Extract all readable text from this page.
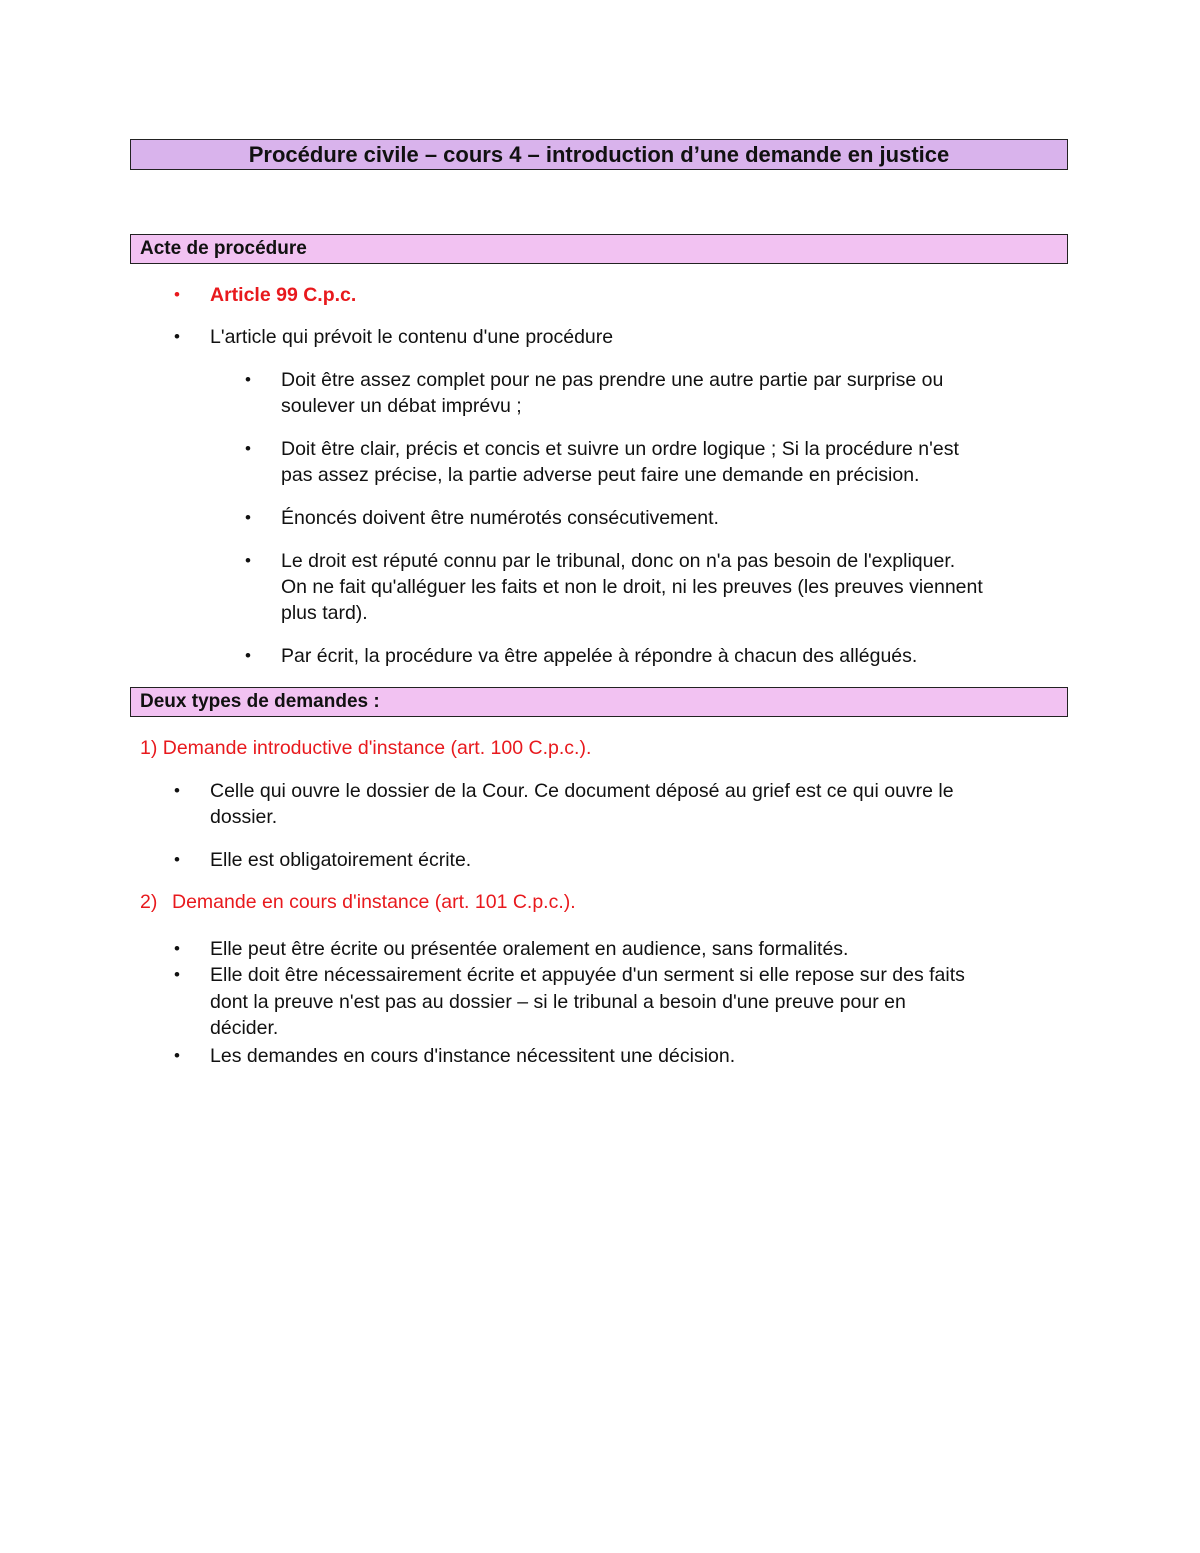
Procédure civile – cours 4 – introduction d’une demande en justice
Acte de procédure
• Article 99 C.p.c.
• L'article qui prévoit le contenu d'une procédure
• Doit être assez complet pour ne pas prendre une autre partie par surprise ou
soulever un débat imprévu ;
• Doit être clair, précis et concis et suivre un ordre logique ; Si la procédure n'est
pas assez précise, la partie adverse peut faire une demande en précision.
• Énoncés doivent être numérotés consécutivement.
• Le droit est réputé connu par le tribunal, donc on n'a pas besoin de l'expliquer.
On ne fait qu'alléguer les faits et non le droit, ni les preuves (les preuves viennent
plus tard).
• Par écrit, la procédure va être appelée à répondre à chacun des allégués.
Deux types de demandes :
1) Demande introductive d'instance (art. 100 C.p.c.).
• Celle qui ouvre le dossier de la Cour. Ce document déposé au grief est ce qui ouvre le
dossier.
• Elle est obligatoirement écrite.
2) Demande en cours d'instance (art. 101 C.p.c.).
• Elle peut être écrite ou présentée oralement en audience, sans formalités.
• Elle doit être nécessairement écrite et appuyée d'un serment si elle repose sur des faits
dont la preuve n'est pas au dossier – si le tribunal a besoin d'une preuve pour en
décider.
• Les demandes en cours d'instance nécessitent une décision.
